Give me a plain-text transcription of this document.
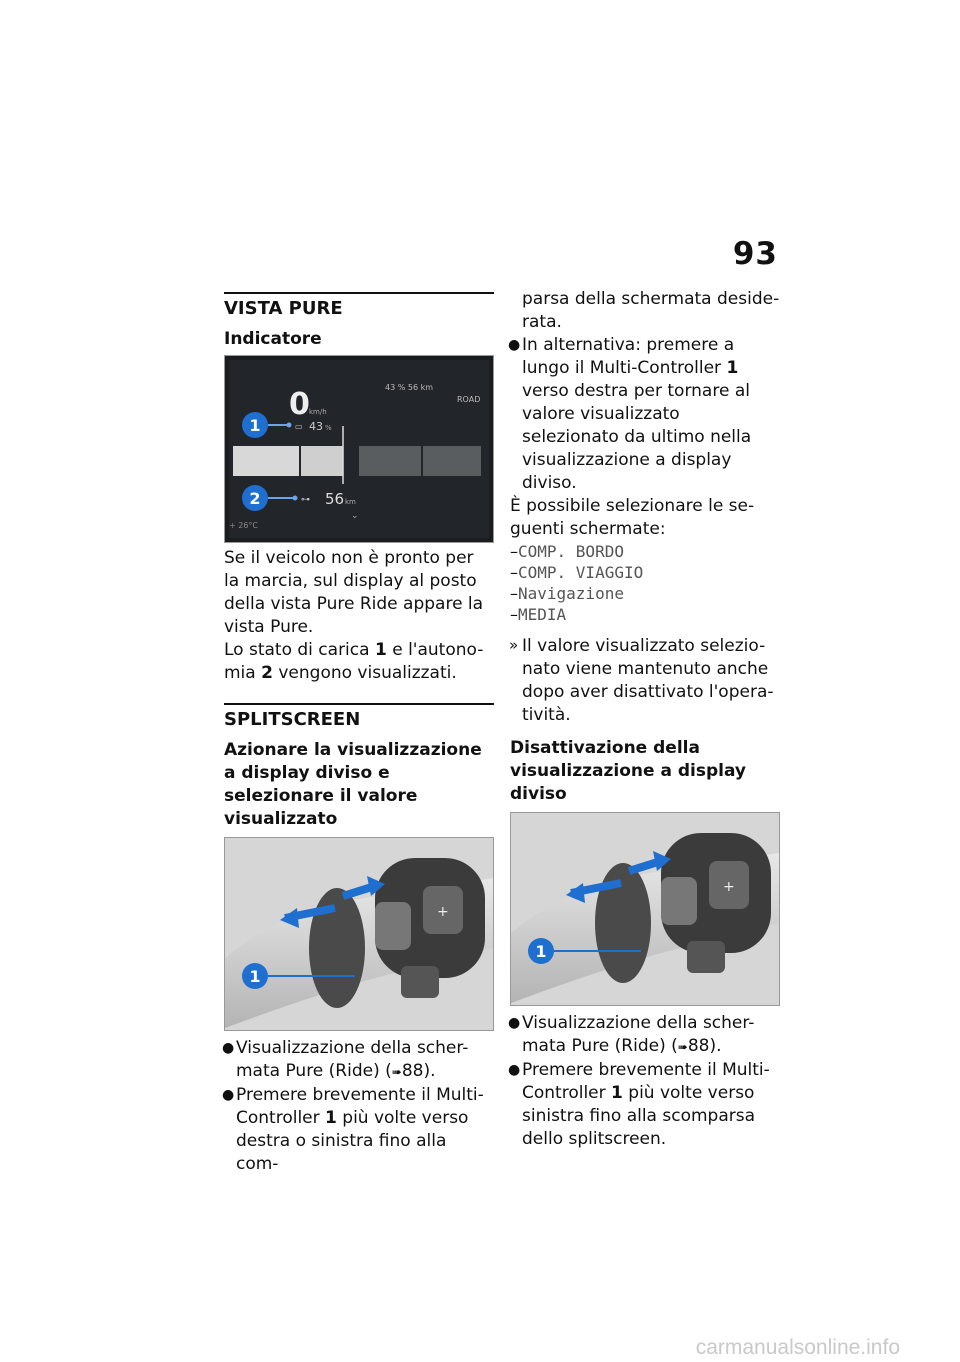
93
VISTA PURE
Indicatore
0 km/h
43 % 56 km
ROAD
1	▭ 43 %
2	⊶ 56 km
⌄
+ 26°C

Se il veicolo non è pronto per la marcia, sul display al posto della vista Pure Ride appare la vista Pure.

Lo stato di carica 1 e l'autono-mia 2 vengono visualizzati.

SPLITSCREEN
Azionare la visualizzazione a display diviso e selezionare il valore visualizzato
+
1
● Visualizzazione della scher-mata Pure (Ride) (➠88).
● Premere brevemente il Multi-Controller 1 più volte verso destra o sinistra fino alla com-

parsa della schermata deside-rata.

● In alternativa: premere a lungo il Multi-Controller 1 verso destra per tornare al valore visualizzato selezionato da ultimo nella visualizzazione a display diviso.

È possibile selezionare le se-guenti schermate:

–COMP. BORDO
–COMP. VIAGGIO
–Navigazione
–MEDIA
» Il valore visualizzato selezio-nato viene mantenuto anche dopo aver disattivato l'opera-tività.
Disattivazione della visualizzazione a display diviso
+
1
● Visualizzazione della scher-mata Pure (Ride) (➠88).
● Premere brevemente il Multi-Controller 1 più volte verso sinistra fino alla scomparsa dello splitscreen.
carmanualsonline.info
